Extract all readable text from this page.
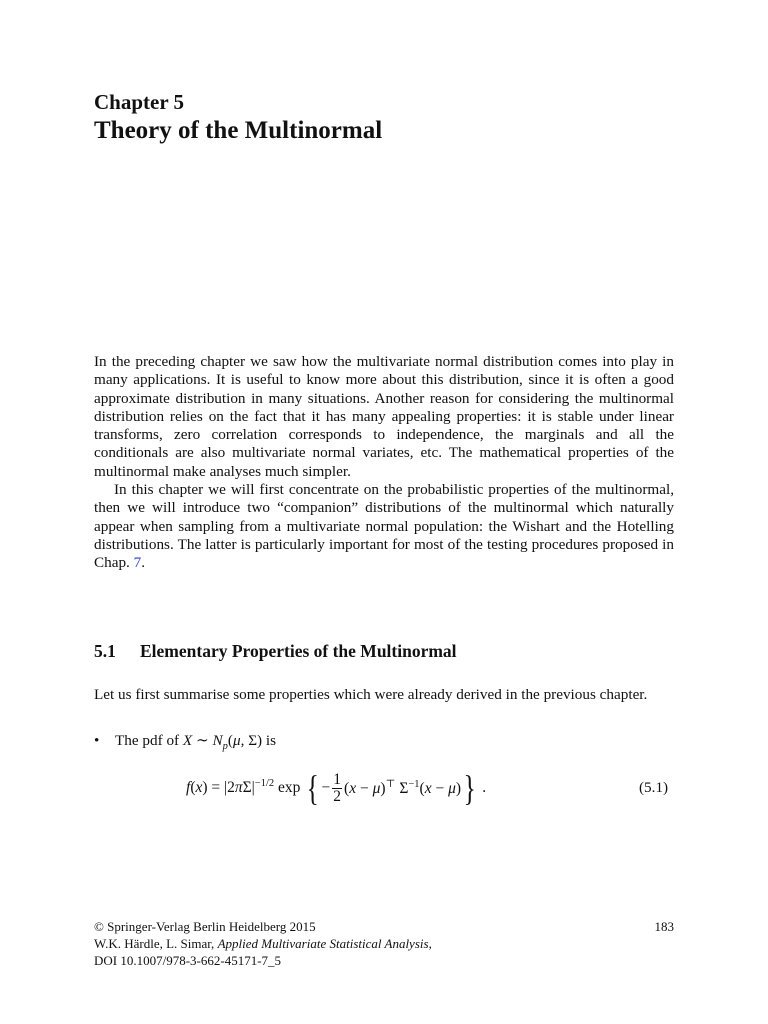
Chapter 5
Theory of the Multinormal

In the preceding chapter we saw how the multivariate normal distribution comes into play in many applications. It is useful to know more about this distribution, since it is often a good approximate distribution in many situations. Another reason for considering the multinormal distribution relies on the fact that it has many appealing properties: it is stable under linear transforms, zero correlation corresponds to independence, the marginals and all the conditionals are also multivariate normal variates, etc. The mathematical properties of the multinormal make analyses much simpler.

In this chapter we will first concentrate on the probabilistic properties of the multinormal, then we will introduce two “companion” distributions of the multinormal which naturally appear when sampling from a multivariate normal population: the Wishart and the Hotelling distributions. The latter is particularly important for most of the testing procedures proposed in Chap. 7.

5.1 Elementary Properties of the Multinormal

Let us first summarise some properties which were already derived in the previous chapter.

• The pdf of X ∼ $N_p(\mu$, Σ) is
$f(x) = |2\pi\Sigma|^{-1/2}$ exp { − $\frac{1}{2} (x - \mu)^⊤$ $\Sigma^{-1}(x - \mu)$ } .	(5.1)
© Springer-Verlag Berlin Heidelberg 2015
W.K. Härdle, L. Simar, Applied Multivariate Statistical Analysis,
DOI 10.1007/978-3-662-45171-7_5
183
